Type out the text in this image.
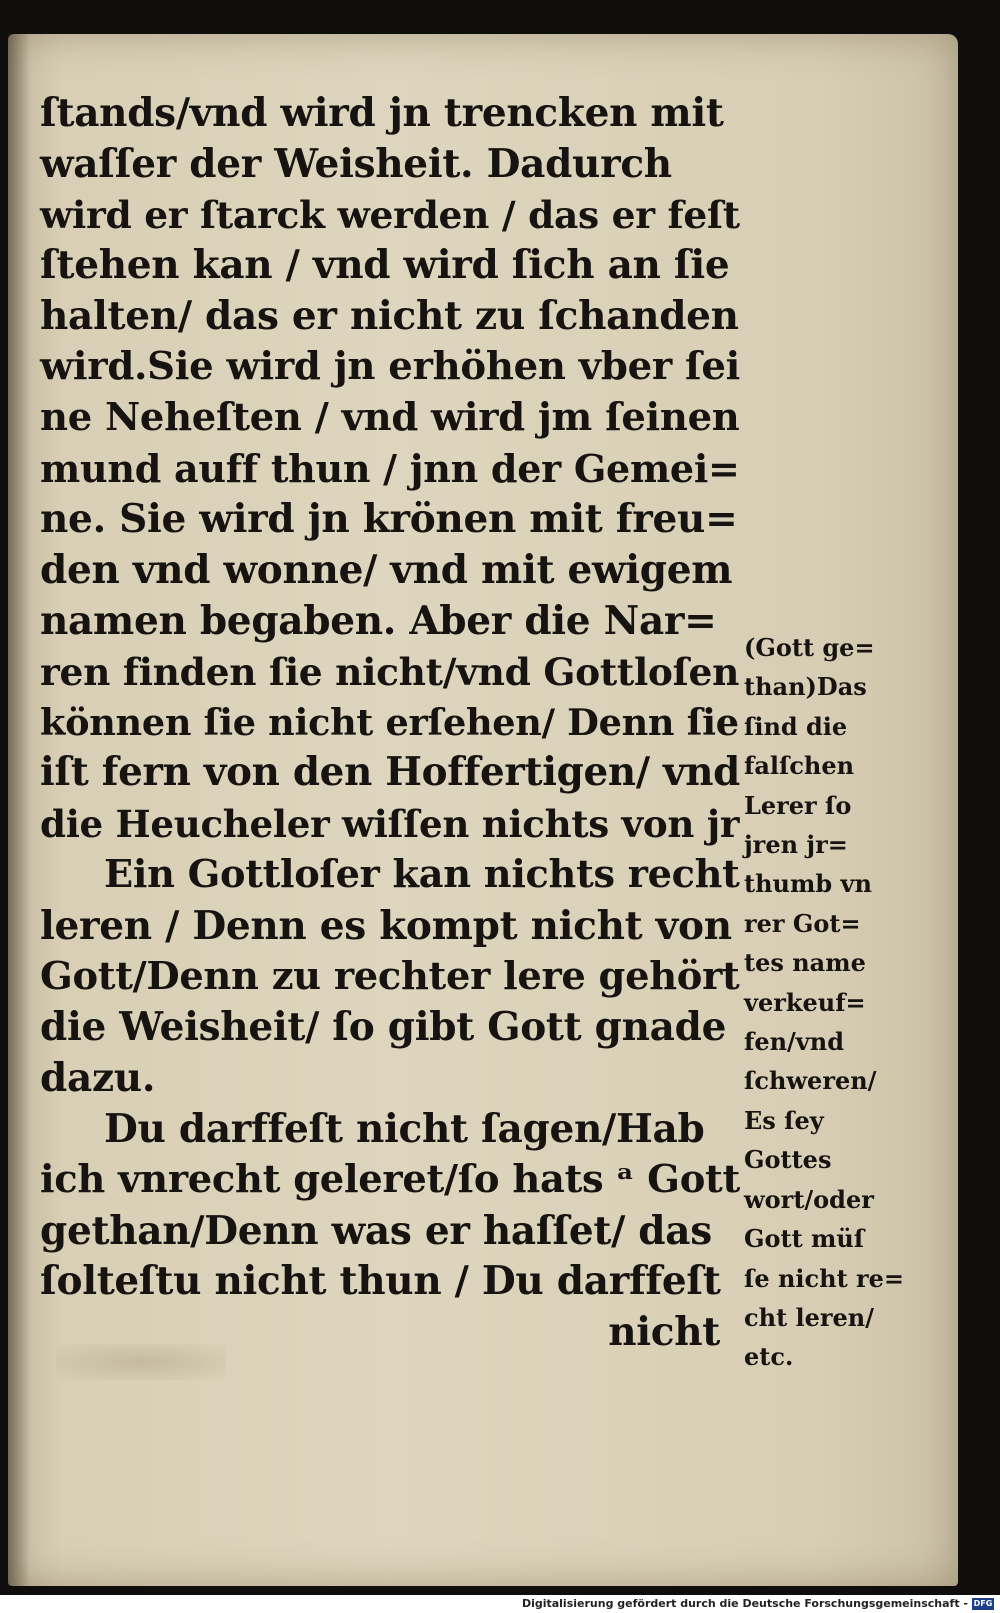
ſtands/vnd wird jn trencken mit
waſſer der Weisheit. Dadurch
wird er ſtarck werden / das er feſt
ſtehen kan / vnd wird ſich an ſie
halten/ das er nicht zu ſchanden
wird.Sie wird jn erhöhen vber ſei
ne Neheſten / vnd wird jm ſeinen
mund auff thun / jnn der Gemei=
ne. Sie wird jn krönen mit freu=
den vnd wonne/ vnd mit ewigem
namen begaben. Aber die Nar=
ren finden ſie nicht/vnd Gottloſen
können ſie nicht erſehen/ Denn ſie
iſt fern von den Hoffertigen/ vnd
die Heucheler wiſſen nichts von jr
Ein Gottloſer kan nichts recht
leren / Denn es kompt nicht von
Gott/Denn zu rechter lere gehört
die Weisheit/ ſo gibt Gott gnade
dazu.
Du darffeſt nicht ſagen/Hab
ich vnrecht geleret/ſo hats ᵃ Gott
gethan/Denn was er haſſet/ das
ſolteſtu nicht thun / Du darffeſt
nicht
(Gott ge=
than)Das
ſind die
falſchen
Lerer ſo
jren jr=
thumb vn
rer Got=
tes name
verkeuf=
fen/vnd
ſchweren/
Es ſey
Gottes
wort/oder
Gott müſ
ſe nicht re=
cht leren/
etc.

Digitalisierung gefördert durch die Deutsche Forschungsgemeinschaft - DFG
